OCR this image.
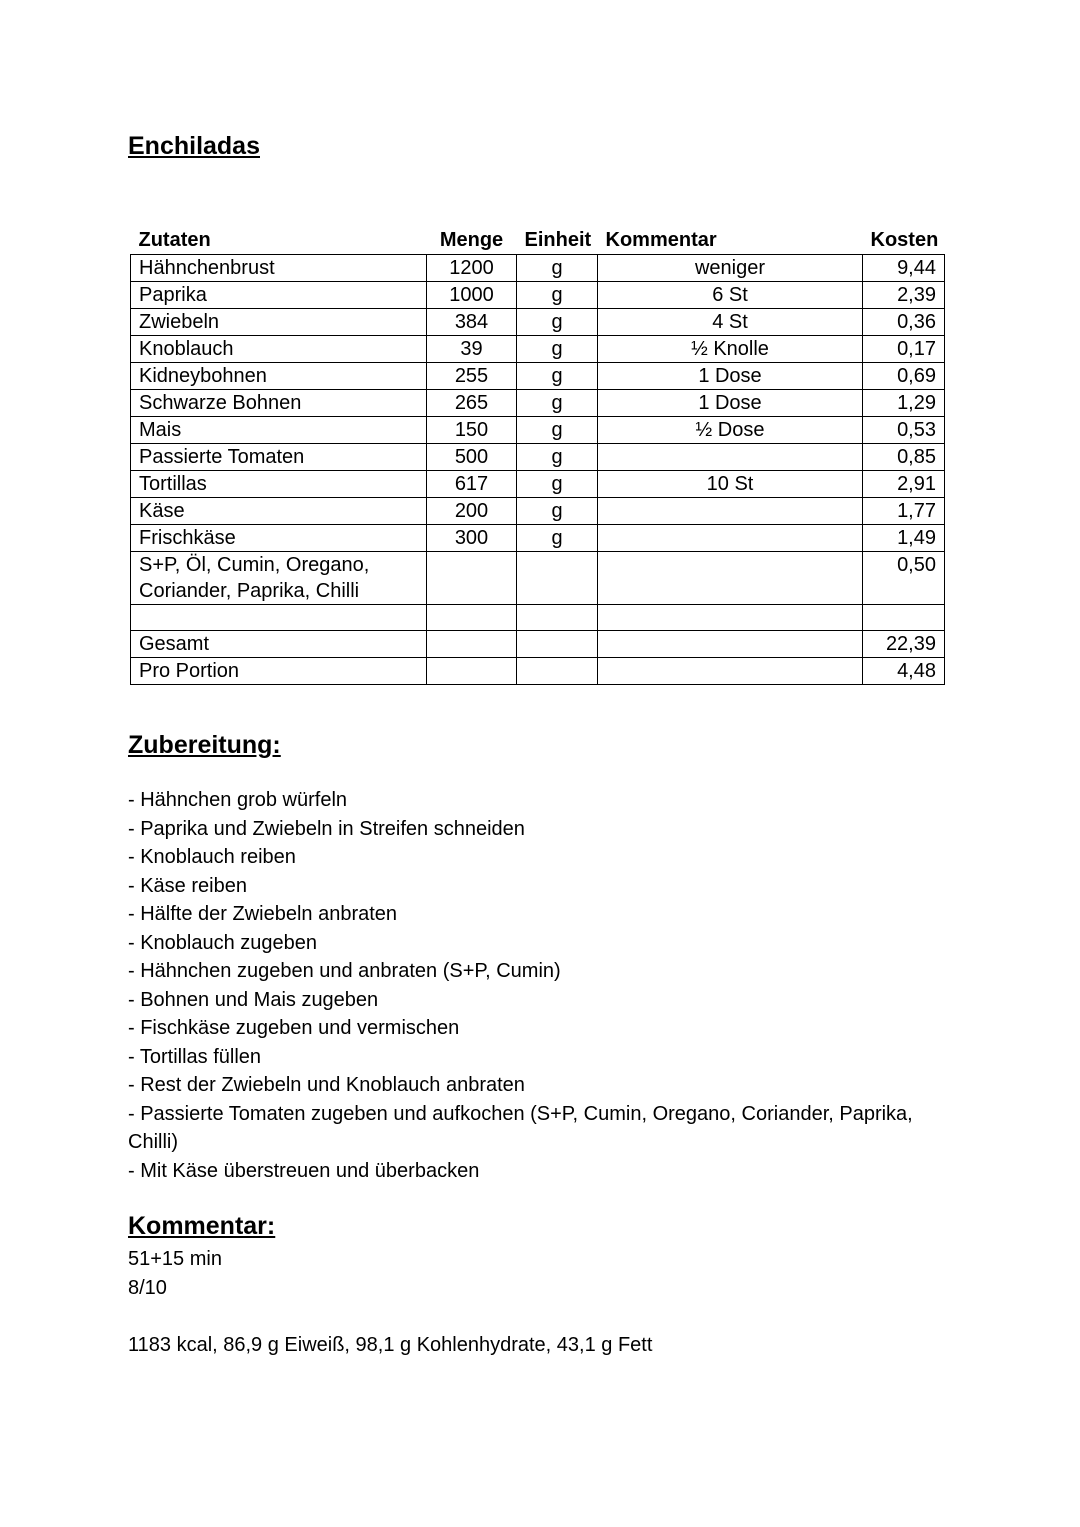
Enchiladas
Zutaten	Menge	Einheit	Kommentar	Kosten
Hähnchenbrust	1200	g	weniger	9,44
Paprika	1000	g	6 St	2,39
Zwiebeln	384	g	4 St	0,36
Knoblauch	39	g	½ Knolle	0,17
Kidneybohnen	255	g	1 Dose	0,69
Schwarze Bohnen	265	g	1 Dose	1,29
Mais	150	g	½ Dose	0,53
Passierte Tomaten	500	g		0,85
Tortillas	617	g	10 St	2,91
Käse	200	g		1,77
Frischkäse	300	g		1,49
S+P, Öl, Cumin, Oregano, Coriander, Paprika, Chilli				0,50

Gesamt				22,39
Pro Portion				4,48
Zubereitung:
- Hähnchen grob würfeln
- Paprika und Zwiebeln in Streifen schneiden
- Knoblauch reiben
- Käse reiben
- Hälfte der Zwiebeln anbraten
- Knoblauch zugeben
- Hähnchen zugeben und anbraten (S+P, Cumin)
- Bohnen und Mais zugeben
- Fischkäse zugeben und vermischen
- Tortillas füllen
- Rest der Zwiebeln und Knoblauch anbraten
- Passierte Tomaten zugeben und aufkochen (S+P, Cumin, Oregano, Coriander, Paprika, Chilli)
- Mit Käse überstreuen und überbacken
Kommentar:
51+15 min
8/10
1183 kcal, 86,9 g Eiweiß, 98,1 g Kohlenhydrate, 43,1 g Fett
